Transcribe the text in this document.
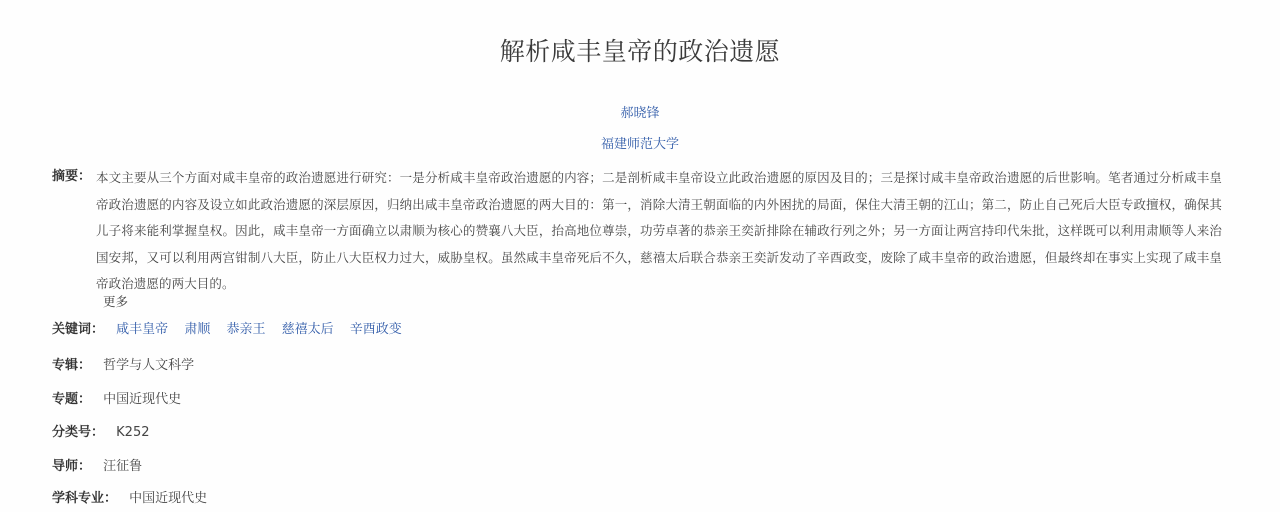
解析咸丰皇帝的政治遗愿
郝晓锋
福建师范大学
摘要： 本文主要从三个方面对咸丰皇帝的政治遗愿进行研究：一是分析咸丰皇帝政治遗愿的内容；二是剖析咸丰皇帝设立此政治遗愿的原因及目的；三是探讨咸丰皇帝政治遗愿的后世影响。笔者通过分析咸丰皇帝政治遗愿的内容及设立如此政治遗愿的深层原因，归纳出咸丰皇帝政治遗愿的两大目的：第一，消除大清王朝面临的内外困扰的局面，保住大清王朝的江山；第二，防止自己死后大臣专政擅权，确保其儿子将来能利掌握皇权。因此，咸丰皇帝一方面确立以肃顺为核心的赞襄八大臣，抬高地位尊崇，功劳卓著的恭亲王奕訢排除在辅政行列之外；另一方面让两宫持印代朱批，这样既可以利用肃顺等人来治国安邦，又可以利用两宫钳制八大臣，防止八大臣权力过大，威胁皇权。虽然咸丰皇帝死后不久，慈禧太后联合恭亲王奕訢发动了辛酉政变，废除了咸丰皇帝的政治遗愿，但最终却在事实上实现了咸丰皇帝政治遗愿的两大目的。
更多
关键词： 咸丰皇帝 肃顺 恭亲王 慈禧太后 辛酉政变
专辑： 哲学与人文科学
专题： 中国近现代史
分类号： K252
导师： 汪征鲁
学科专业： 中国近现代史
